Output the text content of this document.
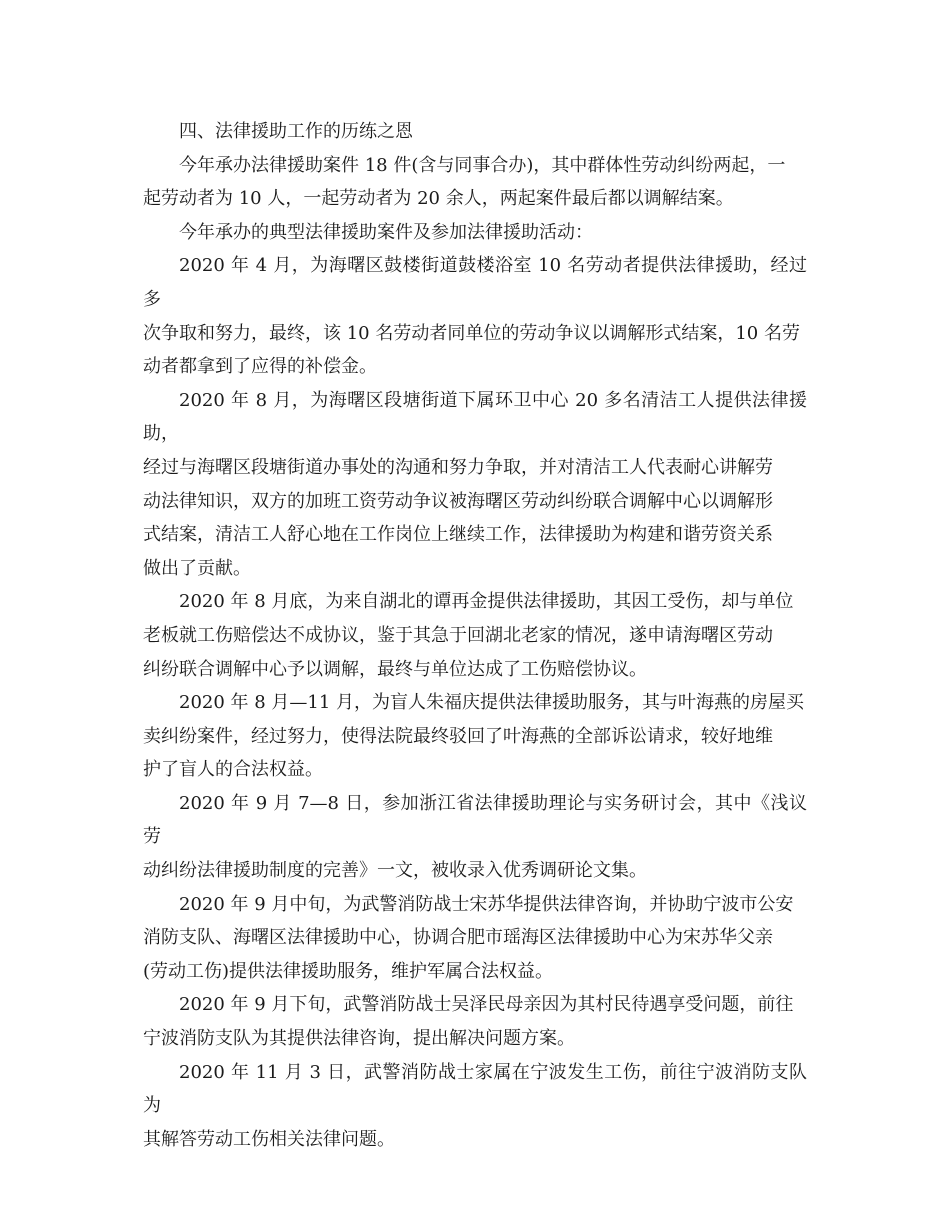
四、法律援助工作的历练之恩

今年承办法律援助案件 18 件(含与同事合办)，其中群体性劳动纠纷两起，一
起劳动者为 10 人，一起劳动者为 20 余人，两起案件最后都以调解结案。

今年承办的典型法律援助案件及参加法律援助活动：

2020 年 4 月，为海曙区鼓楼街道鼓楼浴室 10 名劳动者提供法律援助，经过多
次争取和努力，最终，该 10 名劳动者同单位的劳动争议以调解形式结案，10 名劳
动者都拿到了应得的补偿金。

2020 年 8 月，为海曙区段塘街道下属环卫中心 20 多名清洁工人提供法律援助，
经过与海曙区段塘街道办事处的沟通和努力争取，并对清洁工人代表耐心讲解劳
动法律知识，双方的加班工资劳动争议被海曙区劳动纠纷联合调解中心以调解形
式结案，清洁工人舒心地在工作岗位上继续工作，法律援助为构建和谐劳资关系
做出了贡献。

2020 年 8 月底，为来自湖北的谭再金提供法律援助，其因工受伤，却与单位
老板就工伤赔偿达不成协议，鉴于其急于回湖北老家的情况，遂申请海曙区劳动
纠纷联合调解中心予以调解，最终与单位达成了工伤赔偿协议。

2020 年 8 月—11 月，为盲人朱福庆提供法律援助服务，其与叶海燕的房屋买
卖纠纷案件，经过努力，使得法院最终驳回了叶海燕的全部诉讼请求，较好地维
护了盲人的合法权益。

2020 年 9 月 7—8 日，参加浙江省法律援助理论与实务研讨会，其中《浅议劳
动纠纷法律援助制度的完善》一文，被收录入优秀调研论文集。

2020 年 9 月中旬，为武警消防战士宋苏华提供法律咨询，并协助宁波市公安
消防支队、海曙区法律援助中心，协调合肥市瑶海区法律援助中心为宋苏华父亲
(劳动工伤)提供法律援助服务，维护军属合法权益。

2020 年 9 月下旬，武警消防战士吴泽民母亲因为其村民待遇享受问题，前往
宁波消防支队为其提供法律咨询，提出解决问题方案。

2020 年 11 月 3 日，武警消防战士家属在宁波发生工伤，前往宁波消防支队为
其解答劳动工伤相关法律问题。
